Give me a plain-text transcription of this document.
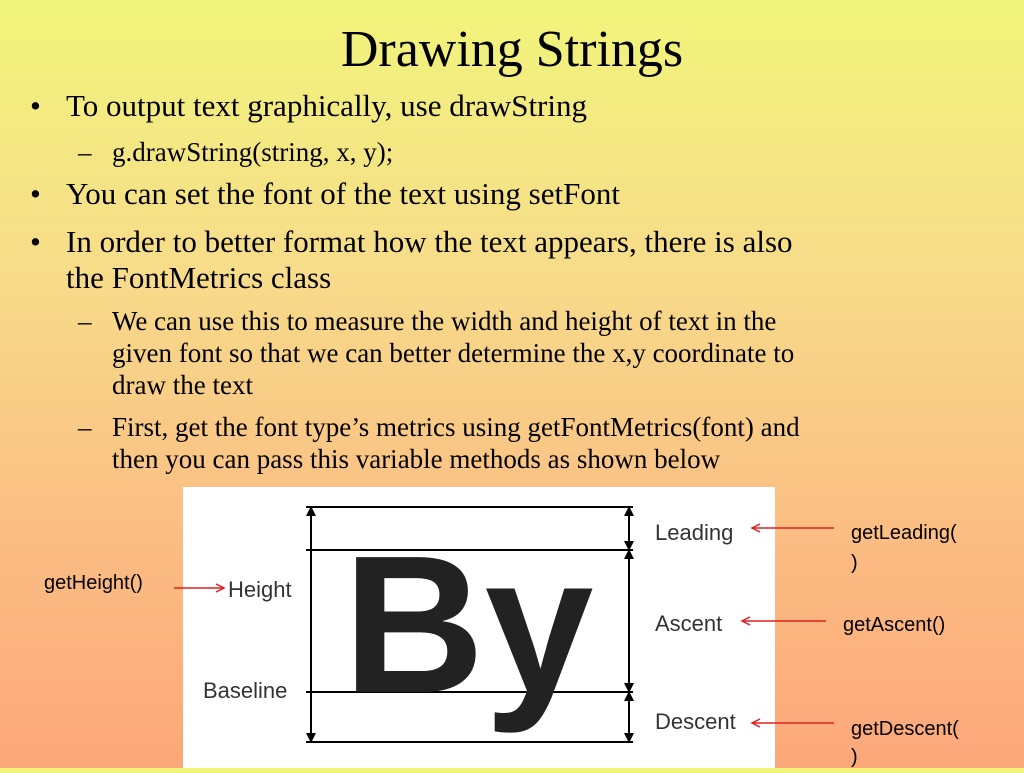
Drawing Strings
• To output text graphically, use drawString
– g.drawString(string, x, y);
• You can set the font of the text using setFont
• In order to better format how the text appears, there is also
the FontMetrics class
– We can use this to measure the width and height of text in the
given font so that we can better determine the x,y coordinate to
draw the text
– First, get the font type’s metrics using getFontMetrics(font) and
then you can pass this variable methods as shown below
By	Leading
Height
Ascent
Baseline
Descent
getHeight()
getLeading(
)
getAscent()
getDescent(
)
